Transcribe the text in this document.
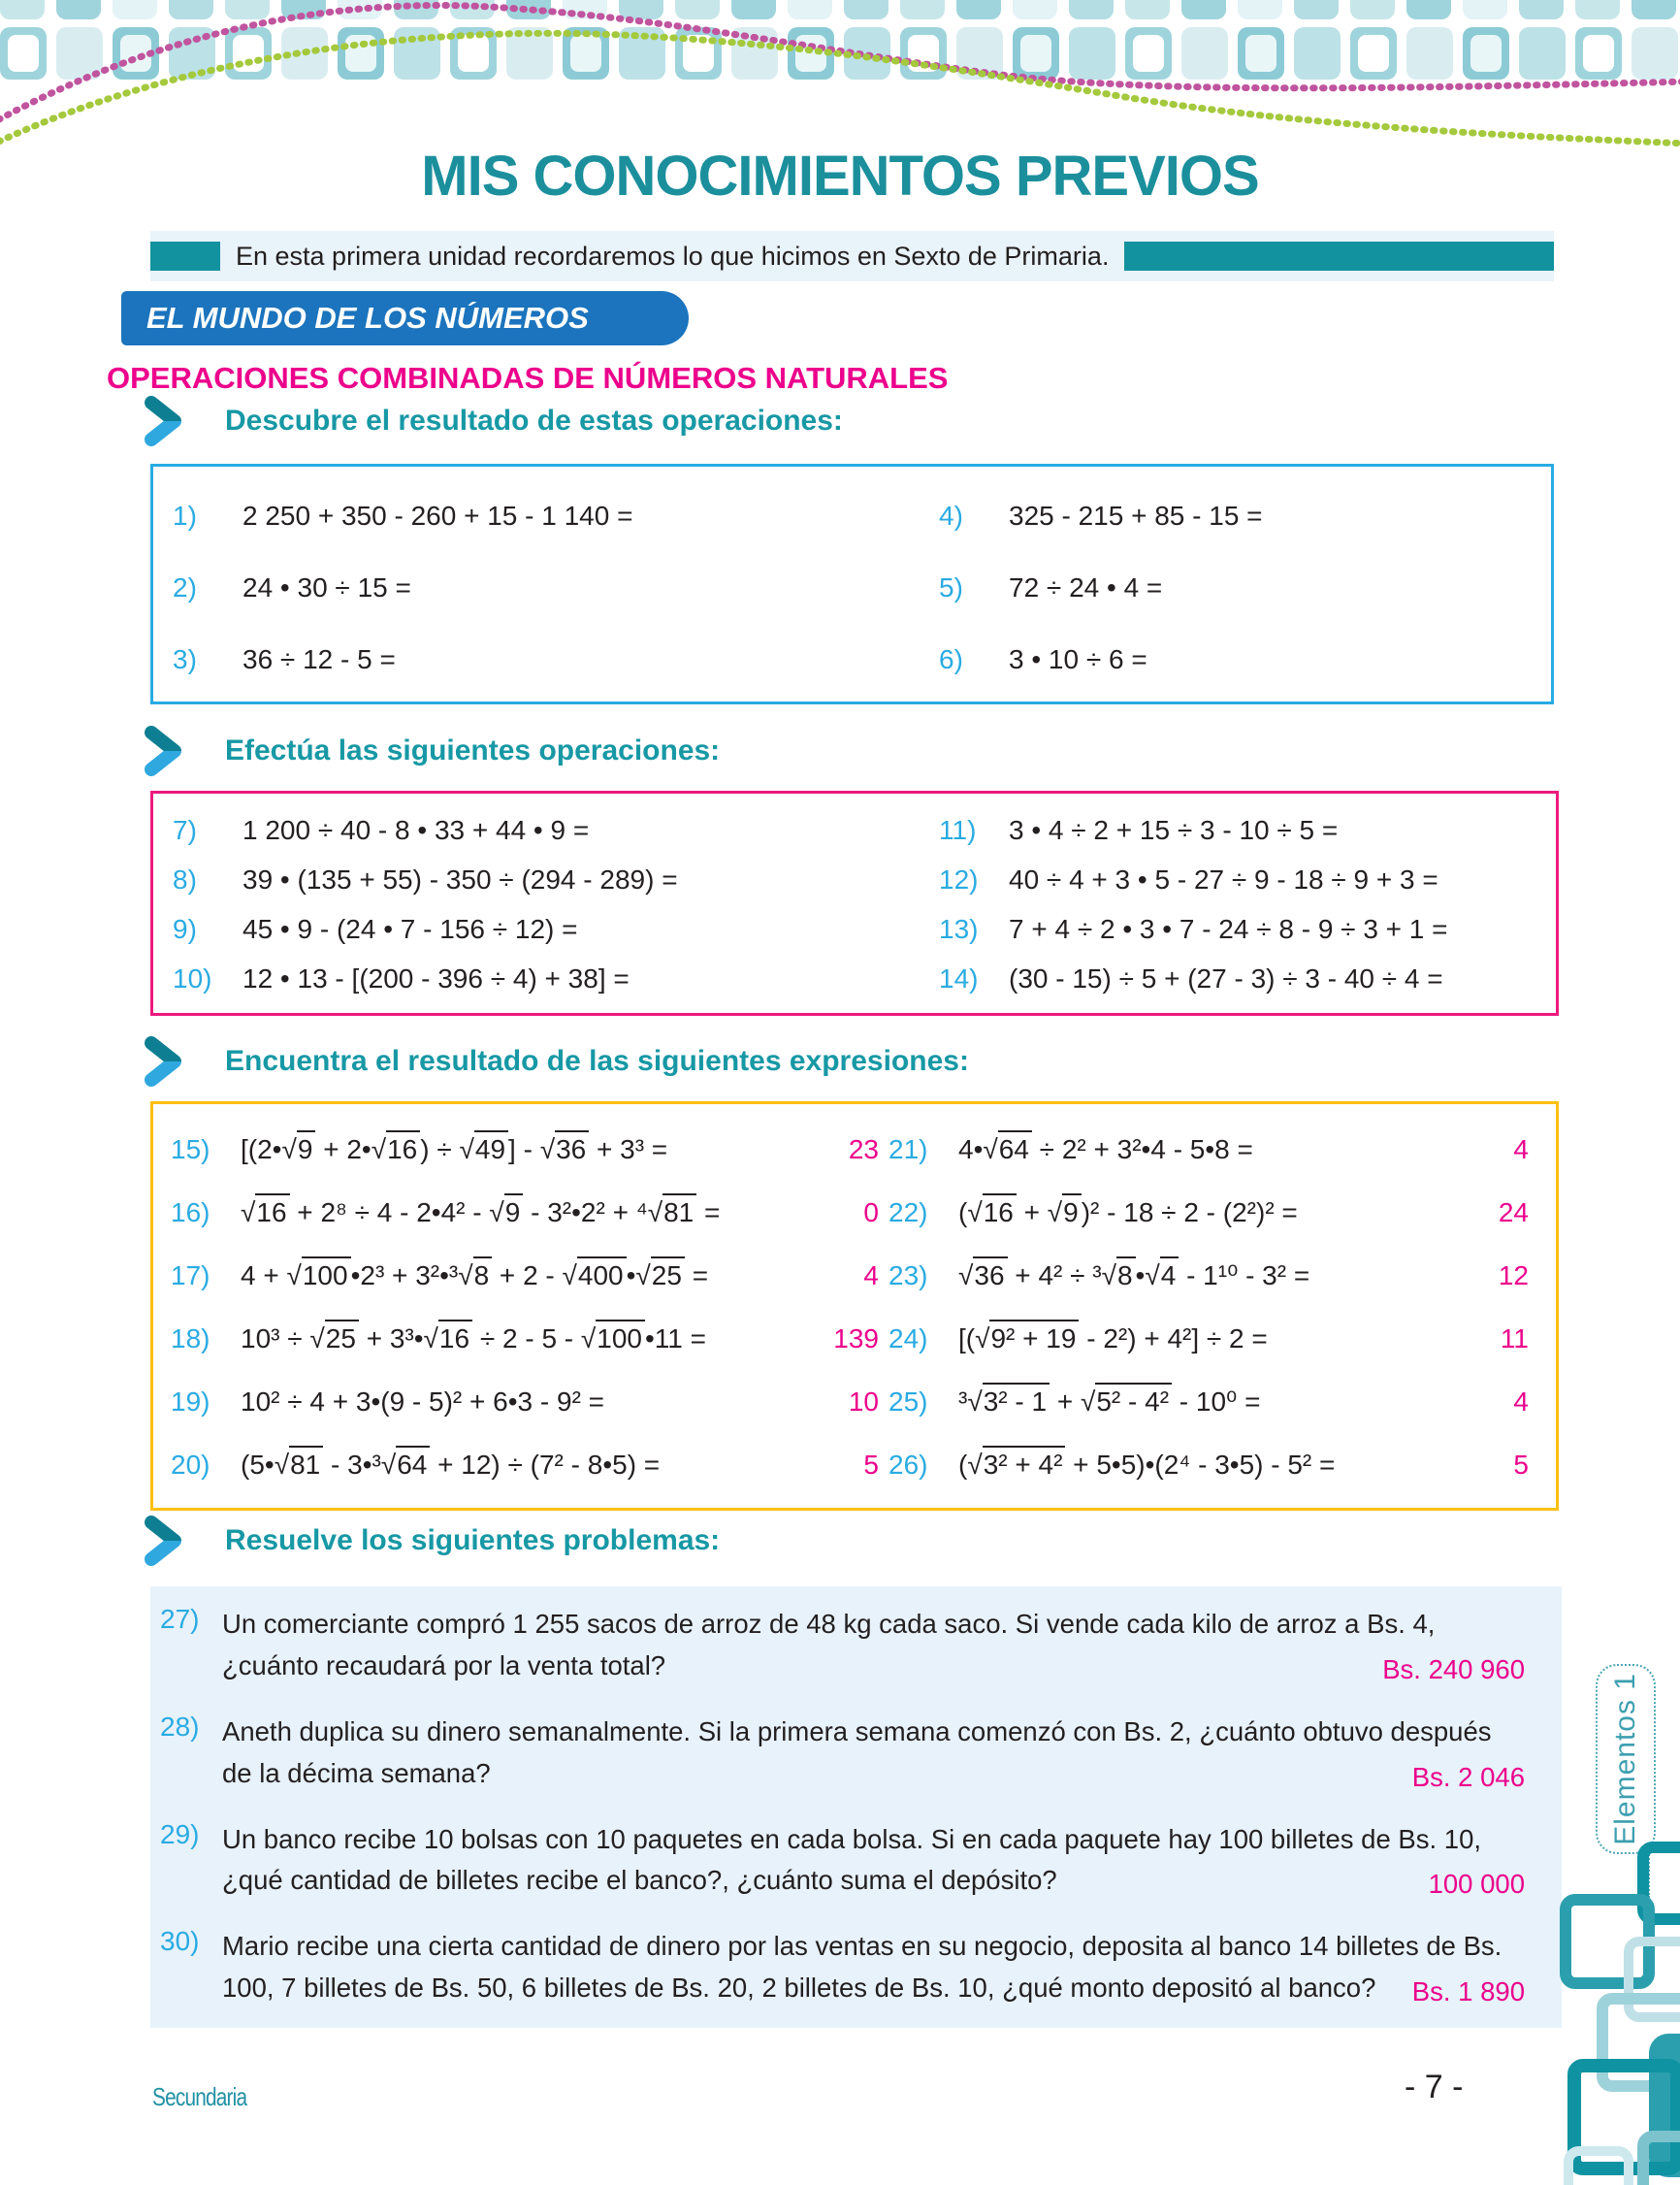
MIS CONOCIMIENTOS PREVIOS
En esta primera unidad recordaremos lo que hicimos en Sexto de Primaria.
EL MUNDO DE LOS NÚMEROS
OPERACIONES COMBINADAS DE NÚMEROS NATURALES
Descubre el resultado de estas operaciones:
1)	2 250 + 350 - 260 + 15 - 1 140 =
2)	24 • 30 ÷ 15 =
3)	36 ÷ 12 - 5 =
4)	325 - 215 + 85 - 15 =
5)	72 ÷ 24 • 4 =
6)	3 • 10 ÷ 6 =
Efectúa las siguientes operaciones:
7)	1 200 ÷ 40 - 8 • 33 + 44 • 9 =
8)	39 • (135 + 55) - 350 ÷ (294 - 289) =
9)	45 • 9 - (24 • 7 - 156 ÷ 12) =
10)	12 • 13 - [(200 - 396 ÷ 4) + 38] =
11)	3 • 4 ÷ 2 + 15 ÷ 3 - 10 ÷ 5 =
12)	40 ÷ 4 + 3 • 5 - 27 ÷ 9 - 18 ÷ 9 + 3 =
13)	7 + 4 ÷ 2 • 3 • 7 - 24 ÷ 8 - 9 ÷ 3 + 1 =
14)	(30 - 15) ÷ 5 + (27 - 3) ÷ 3 - 40 ÷ 4 =
Encuentra el resultado de las siguientes expresiones:
15)	[(2•√9 + 2•√16 ) ÷ √49 ] - √36 + 3³ =	23
16)	√16 + 2⁸ ÷ 4 - 2•4² - √9 - 3²•2² + ⁴√81 =	0
17)	4 + √100 •2³ + 3²•³√8 + 2 - √400 •√25 =	4
18)	10³ ÷ √25 + 3³•√16 ÷ 2 - 5 - √100 •11 =	139
19)	10² ÷ 4 + 3•(9 - 5)² + 6•3 - 9² =	10
20)	(5•√81 - 3•³√64 + 12) ÷ (7² - 8•5) =	5
21)	4•√64 ÷ 2² + 3²•4 - 5•8 =	4
22)	(√16 + √9 )² - 18 ÷ 2 - (2²)² =	24
23)	√36 + 4² ÷ ³√8 •√4 - 1¹⁰ - 3² =	12
24)	[(√9² + 19 - 2²) + 4²] ÷ 2 =	11
25)	³√3² - 1 + √5² - 4² - 10⁰ =	4
26)	(√3² + 4² + 5•5)•(2⁴ - 3•5) - 5² =	5
Resuelve los siguientes problemas:
27) Un comerciante compró 1 255 sacos de arroz de 48 kg cada saco. Si vende cada kilo de arroz a Bs. 4, ¿cuánto recaudará por la venta total?	Bs. 240 960
28) Aneth duplica su dinero semanalmente. Si la primera semana comenzó con Bs. 2, ¿cuánto obtuvo después de la décima semana?	Bs. 2 046
29) Un banco recibe 10 bolsas con 10 paquetes en cada bolsa. Si en cada paquete hay 100 billetes de Bs. 10, ¿qué cantidad de billetes recibe el banco?, ¿cuánto suma el depósito?	100 000
30) Mario recibe una cierta cantidad de dinero por las ventas en su negocio, deposita al banco 14 billetes de Bs. 100, 7 billetes de Bs. 50, 6 billetes de Bs. 20, 2 billetes de Bs. 10, ¿qué monto depositó al banco?	Bs. 1 890
Elementos 1
Secundaria	- 7 -
